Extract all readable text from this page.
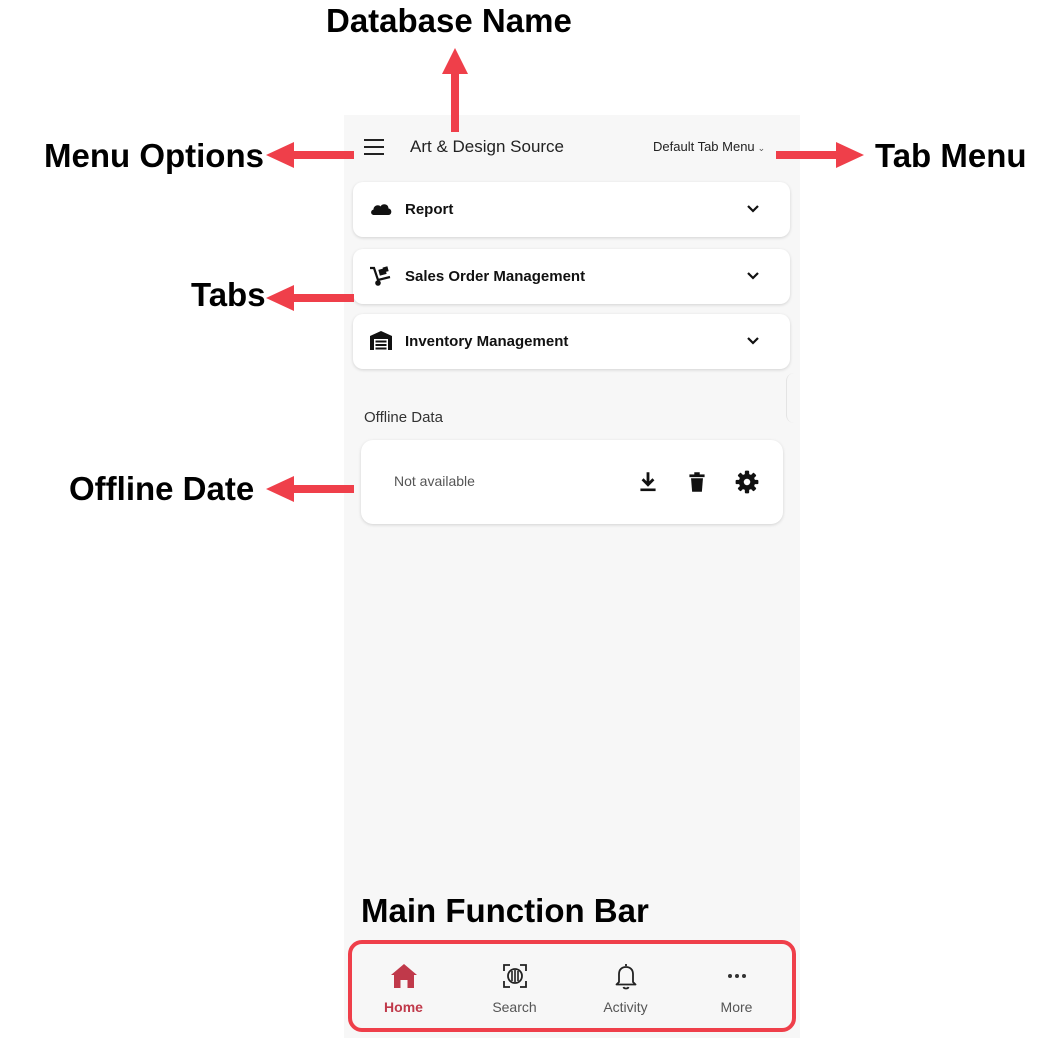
Art & Design Source	Default Tab Menu ⌄
Report
Sales Order Management
Inventory Management
Offline Data
Not available
Home	Search	Activity	More
Database Name
Menu Options	Tab Menu
Tabs
Offline Date
Main Function Bar
